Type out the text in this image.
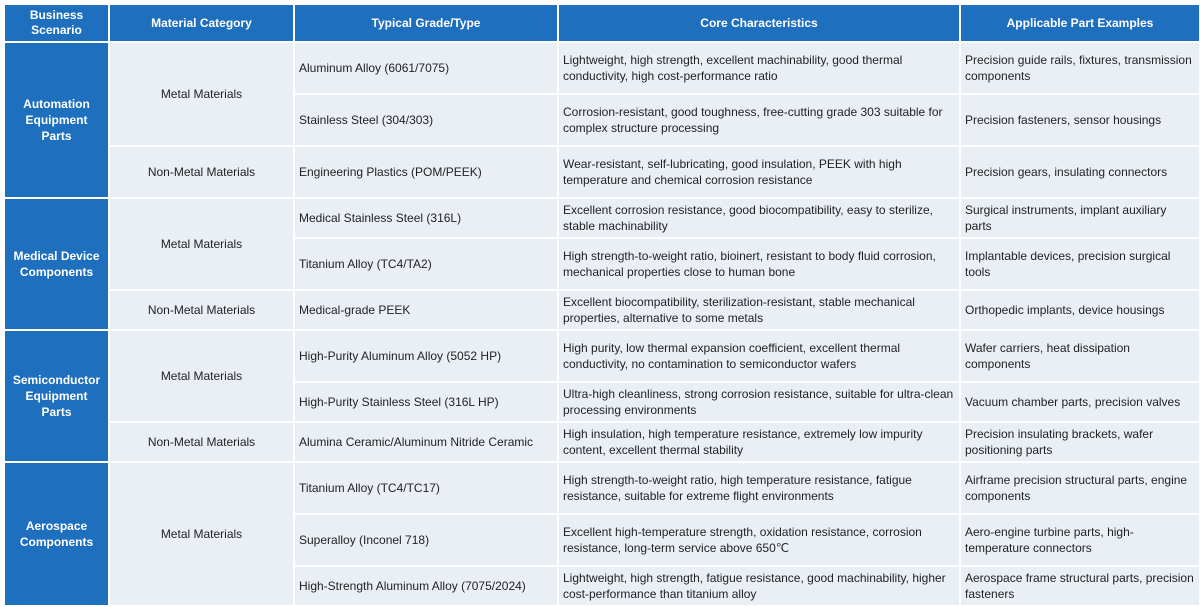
Business Scenario	Material Category	Typical Grade/Type	Core Characteristics	Applicable Part Examples
Automation Equipment Parts	Metal Materials	Aluminum Alloy (6061/7075)	Lightweight, high strength, excellent machinability, good thermal conductivity, high cost-performance ratio	Precision guide rails, fixtures, transmission components
		Stainless Steel (304/303)	Corrosion-resistant, good toughness, free-cutting grade 303 suitable for complex structure processing	Precision fasteners, sensor housings
	Non-Metal Materials	Engineering Plastics (POM/PEEK)	Wear-resistant, self-lubricating, good insulation, PEEK with high temperature and chemical corrosion resistance	Precision gears, insulating connectors
Medical Device Components	Metal Materials	Medical Stainless Steel (316L)	Excellent corrosion resistance, good biocompatibility, easy to sterilize, stable machinability	Surgical instruments, implant auxiliary parts
		Titanium Alloy (TC4/TA2)	High strength-to-weight ratio, bioinert, resistant to body fluid corrosion, mechanical properties close to human bone	Implantable devices, precision surgical tools
	Non-Metal Materials	Medical-grade PEEK	Excellent biocompatibility, sterilization-resistant, stable mechanical properties, alternative to some metals	Orthopedic implants, device housings
Semiconductor Equipment Parts	Metal Materials	High-Purity Aluminum Alloy (5052 HP)	High purity, low thermal expansion coefficient, excellent thermal conductivity, no contamination to semiconductor wafers	Wafer carriers, heat dissipation components
		High-Purity Stainless Steel (316L HP)	Ultra-high cleanliness, strong corrosion resistance, suitable for ultra-clean processing environments	Vacuum chamber parts, precision valves
	Non-Metal Materials	Alumina Ceramic/Aluminum Nitride Ceramic	High insulation, high temperature resistance, extremely low impurity content, excellent thermal stability	Precision insulating brackets, wafer positioning parts
Aerospace Components	Metal Materials	Titanium Alloy (TC4/TC17)	High strength-to-weight ratio, high temperature resistance, fatigue resistance, suitable for extreme flight environments	Airframe precision structural parts, engine components
		Superalloy (Inconel 718)	Excellent high-temperature strength, oxidation resistance, corrosion resistance, long-term service above 650℃	Aero-engine turbine parts, high-temperature connectors
		High-Strength Aluminum Alloy (7075/2024)	Lightweight, high strength, fatigue resistance, good machinability, higher cost-performance than titanium alloy	Aerospace frame structural parts, precision fasteners
